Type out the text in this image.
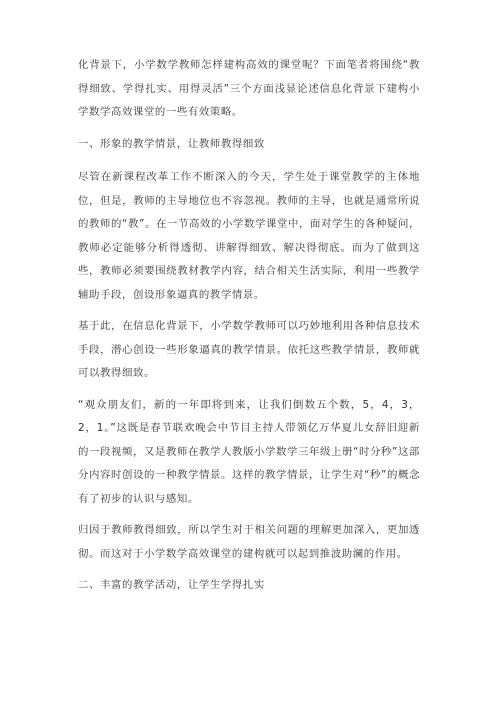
化背景下，小学数学教师怎样建构高效的课堂呢？下面笔者将围绕“教得细致、学得扎实、用得灵活”三个方面浅显论述信息化背景下建构小学数学高效课堂的一些有效策略。

一、形象的教学情景，让教师教得细致

尽管在新课程改革工作不断深入的今天，学生处于课堂教学的主体地位，但是，教师的主导地位也不容忽视。教师的主导，也就是通常所说的教师的“教”。在一节高效的小学数学课堂中，面对学生的各种疑问，教师必定能够分析得透彻、讲解得细致、解决得彻底。而为了做到这些，教师必须要围绕教材教学内容，结合相关生活实际，利用一些教学辅助手段，创设形象逼真的教学情景。

基于此，在信息化背景下，小学数学教师可以巧妙地利用各种信息技术手段，潜心创设一些形象逼真的教学情景。依托这些教学情景，教师就可以教得细致。

“观众朋友们，新的一年即将到来，让我们倒数五个数，5，4，3，2，1。”这既是春节联欢晚会中节目主持人带领亿万华夏儿女辞旧迎新的一段视频，又是教师在教学人教版小学数学三年级上册“时分秒”这部分内容时创设的一种教学情景。这样的教学情景，让学生对“秒”的概念有了初步的认识与感知。

归因于教师教得细致，所以学生对于相关问题的理解更加深入，更加透彻。而这对于小学数学高效课堂的建构就可以起到推波助澜的作用。

二、丰富的教学活动，让学生学得扎实
